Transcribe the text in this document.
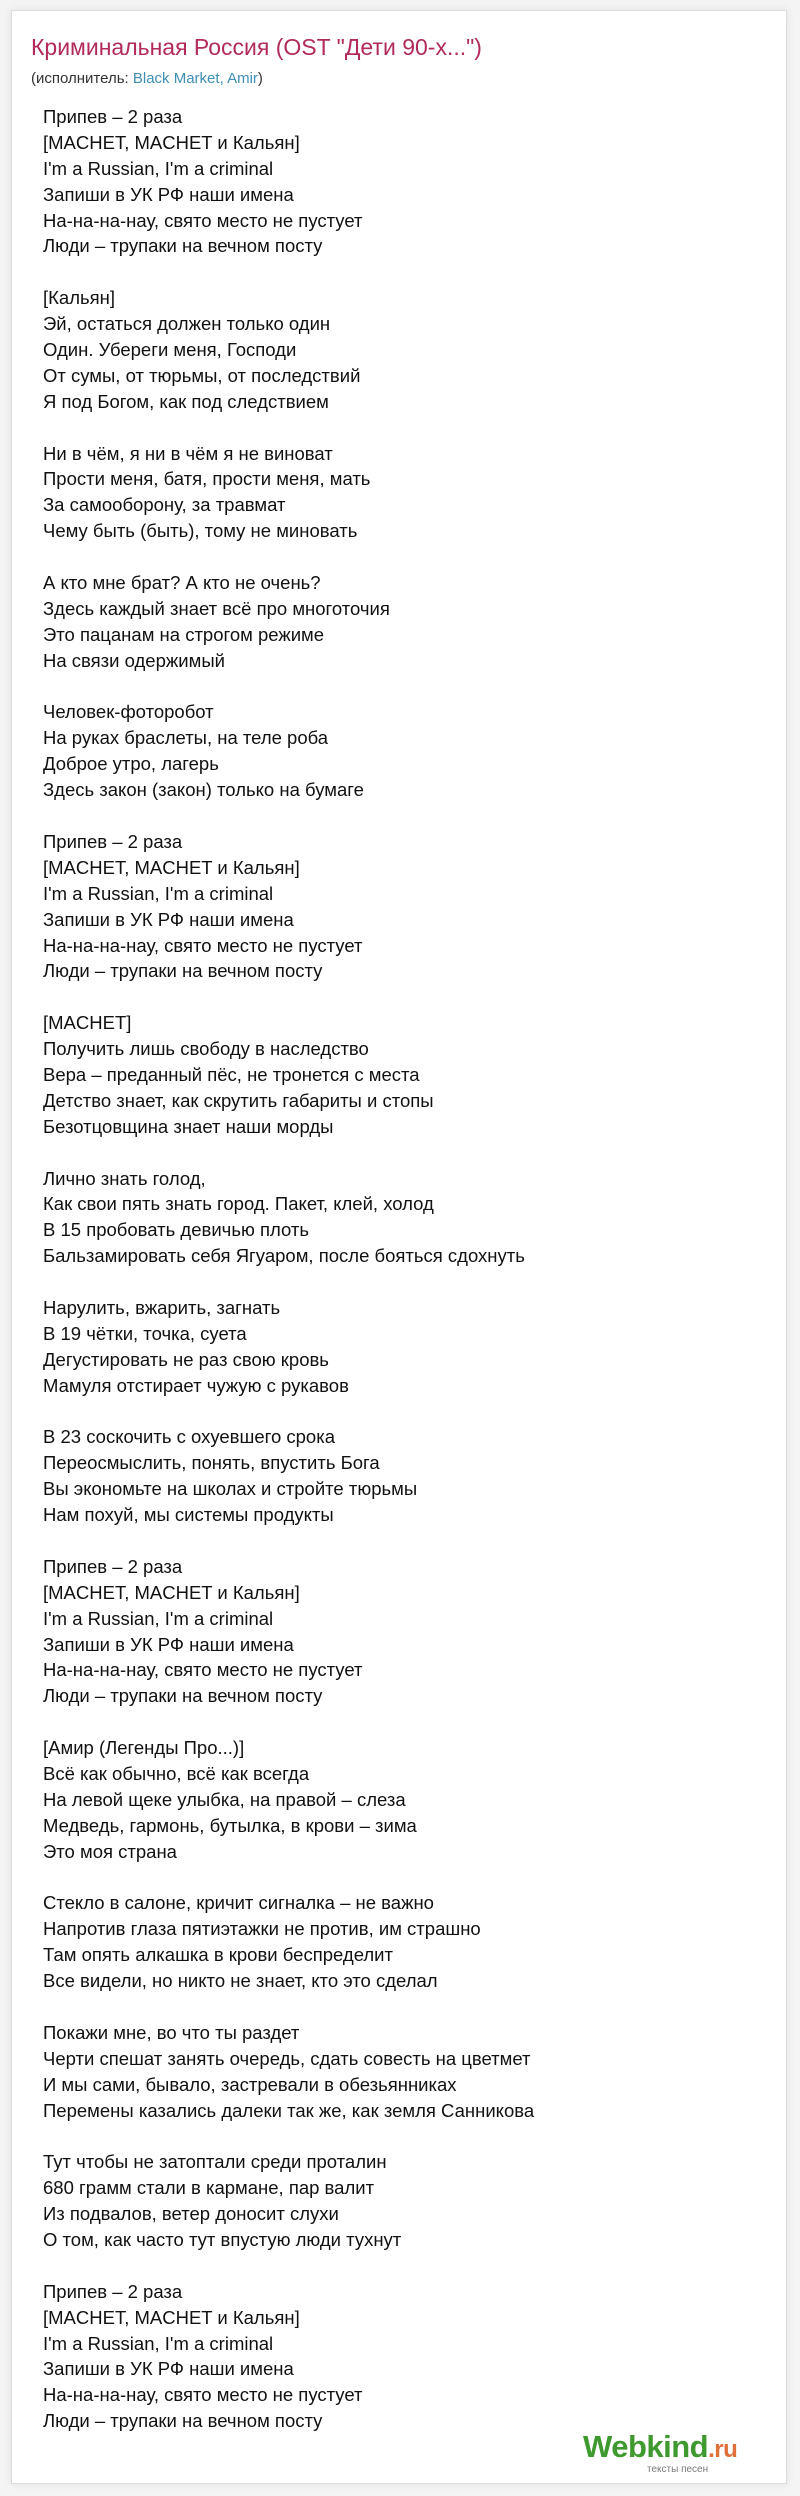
Криминальная Россия (OST "Дети 90-х...")
(исполнитель: Black Market, Amir)
Припев – 2 раза
[MACHET, MACHET и Кальян]
I'm a Russian, I'm a criminal
Запиши в УК РФ наши имена
На-на-на-нау, свято место не пустует
Люди – трупаки на вечном посту
[Кальян]
Эй, остаться должен только один
Один. Убереги меня, Господи
От сумы, от тюрьмы, от последствий
Я под Богом, как под следствием
Ни в чём, я ни в чём я не виноват
Прости меня, батя, прости меня, мать
За самооборону, за травмат
Чему быть (быть), тому не миновать
А кто мне брат? А кто не очень?
Здесь каждый знает всё про многоточия
Это пацанам на строгом режиме
На связи одержимый
Человек-фоторобот
На руках браслеты, на теле роба
Доброе утро, лагерь
Здесь закон (закон) только на бумаге
Припев – 2 раза
[MACHET, MACHET и Кальян]
I'm a Russian, I'm a criminal
Запиши в УК РФ наши имена
На-на-на-нау, свято место не пустует
Люди – трупаки на вечном посту
[MACHET]
Получить лишь свободу в наследство
Вера – преданный пёс, не тронется с места
Детство знает, как скрутить габариты и стопы
Безотцовщина знает наши морды
Лично знать голод,
Как свои пять знать город. Пакет, клей, холод
В 15 пробовать девичью плоть
Бальзамировать себя Ягуаром, после бояться сдохнуть
Нарулить, вжарить, загнать
В 19 чётки, точка, суета
Дегустировать не раз свою кровь
Мамуля отстирает чужую с рукавов
В 23 соскочить с охуевшего срока
Переосмыслить, понять, впустить Бога
Вы экономьте на школах и стройте тюрьмы
Нам похуй, мы системы продукты
Припев – 2 раза
[MACHET, MACHET и Кальян]
I'm a Russian, I'm a criminal
Запиши в УК РФ наши имена
На-на-на-нау, свято место не пустует
Люди – трупаки на вечном посту
[Амир (Легенды Про...)]
Всё как обычно, всё как всегда
На левой щеке улыбка, на правой – слеза
Медведь, гармонь, бутылка, в крови – зима
Это моя страна
Стекло в салоне, кричит сигналка – не важно
Напротив глаза пятиэтажки не против, им страшно
Там опять алкашка в крови беспределит
Все видели, но никто не знает, кто это сделал
Покажи мне, во что ты раздет
Черти спешат занять очередь, сдать совесть на цветмет
И мы сами, бывало, застревали в обезьянниках
Перемены казались далеки так же, как земля Санникова
Тут чтобы не затоптали среди проталин
680 грамм стали в кармане, пар валит
Из подвалов, ветер доносит слухи
О том, как часто тут впустую люди тухнут
Припев – 2 раза
[MACHET, MACHET и Кальян]
I'm a Russian, I'm a criminal
Запиши в УК РФ наши имена
На-на-на-нау, свято место не пустует
Люди – трупаки на вечном посту
Webkind.ru
тексты песен
